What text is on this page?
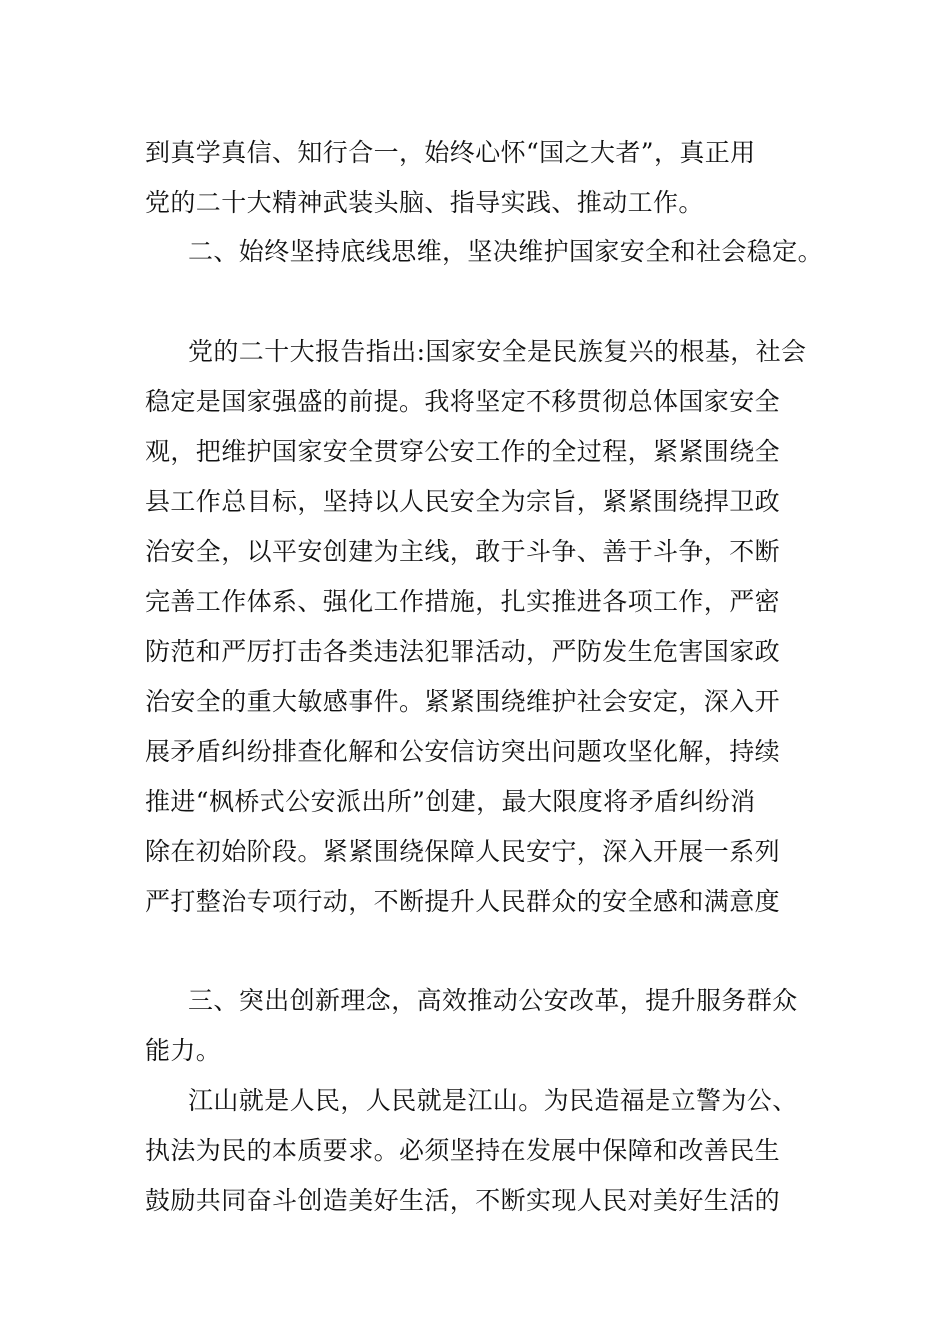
到真学真信、知行合一，始终心怀“国之大者”，真正用
党的二十大精神武装头脑、指导实践、推动工作。
二、始终坚持底线思维，坚决维护国家安全和社会稳定。
党的二十大报告指出:国家安全是民族复兴的根基，社会
稳定是国家强盛的前提。我将坚定不移贯彻总体国家安全
观，把维护国家安全贯穿公安工作的全过程，紧紧围绕全
县工作总目标，坚持以人民安全为宗旨，紧紧围绕捍卫政
治安全，以平安创建为主线，敢于斗争、善于斗争，不断
完善工作体系、强化工作措施，扎实推进各项工作，严密
防范和严厉打击各类违法犯罪活动，严防发生危害国家政
治安全的重大敏感事件。紧紧围绕维护社会安定，深入开
展矛盾纠纷排查化解和公安信访突出问题攻坚化解，持续
推进“枫桥式公安派出所”创建，最大限度将矛盾纠纷消
除在初始阶段。紧紧围绕保障人民安宁，深入开展一系列
严打整治专项行动，不断提升人民群众的安全感和满意度
三、突出创新理念，高效推动公安改革，提升服务群众
能力。
江山就是人民，人民就是江山。为民造福是立警为公、
执法为民的本质要求。必须坚持在发展中保障和改善民生
鼓励共同奋斗创造美好生活，不断实现人民对美好生活的
